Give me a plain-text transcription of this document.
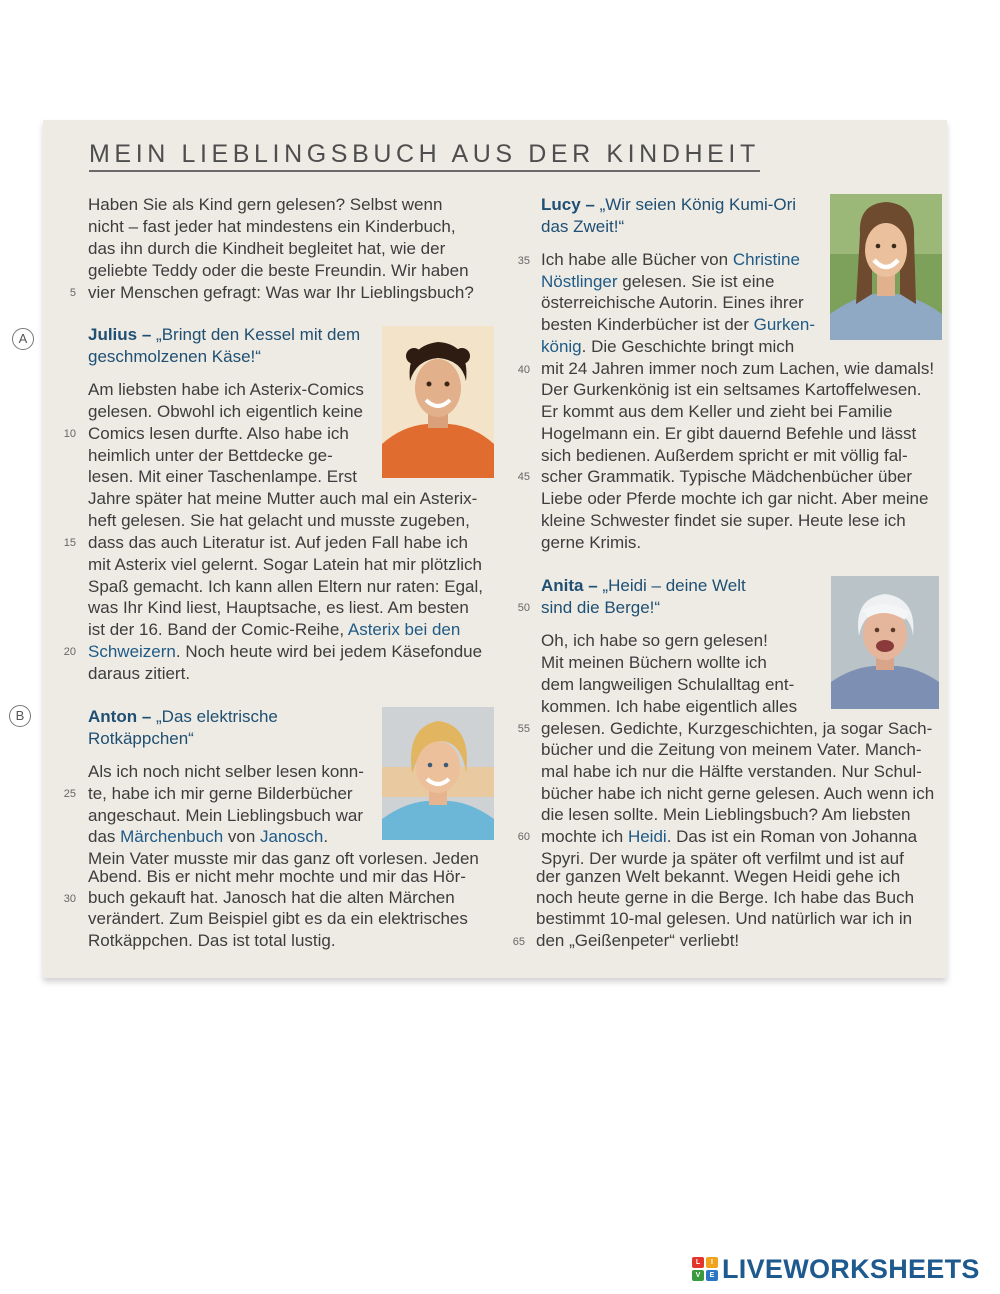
MEIN LIEBLINGSBUCH AUS DER KINDHEIT
A
B
5
10
15
20
25
30
35
40
45
50
55
60
65
Haben Sie als Kind gern gelesen? Selbst wenn
nicht – fast jeder hat mindestens ein Kinderbuch,
das ihn durch die Kindheit begleitet hat, wie der
geliebte Teddy oder die beste Freundin. Wir haben
vier Menschen gefragt: Was war Ihr Lieblingsbuch?
Julius – „Bringt den Kessel mit dem
geschmolzenen Käse!“
Am liebsten habe ich Asterix-Comics
gelesen. Obwohl ich eigentlich keine
Comics lesen durfte. Also habe ich
heimlich unter der Bettdecke ge-
lesen. Mit einer Taschenlampe. Erst
Jahre später hat meine Mutter auch mal ein Asterix-
heft gelesen. Sie hat gelacht und musste zugeben,
dass das auch Literatur ist. Auf jeden Fall habe ich
mit Asterix viel gelernt. Sogar Latein hat mir plötzlich
Spaß gemacht. Ich kann allen Eltern nur raten: Egal,
was Ihr Kind liest, Hauptsache, es liest. Am besten
ist der 16. Band der Comic-Reihe, Asterix bei den
Schweizern. Noch heute wird bei jedem Käsefondue
daraus zitiert.
Anton – „Das elektrische
Rotkäppchen“
Als ich noch nicht selber lesen konn-
te, habe ich mir gerne Bilderbücher
angeschaut. Mein Lieblingsbuch war
das Märchenbuch von Janosch.
Mein Vater musste mir das ganz oft vorlesen. Jeden
Abend. Bis er nicht mehr mochte und mir das Hör-
buch gekauft hat. Janosch hat die alten Märchen
verändert. Zum Beispiel gibt es da ein elektrisches
Rotkäppchen. Das ist total lustig.
Lucy – „Wir seien König Kumi-Ori
das Zweit!“
Ich habe alle Bücher von Christine
Nöstlinger gelesen. Sie ist eine
österreichische Autorin. Eines ihrer
besten Kinderbücher ist der Gurken-
könig. Die Geschichte bringt mich
mit 24 Jahren immer noch zum Lachen, wie damals!
Der Gurkenkönig ist ein seltsames Kartoffelwesen.
Er kommt aus dem Keller und zieht bei Familie
Hogelmann ein. Er gibt dauernd Befehle und lässt
sich bedienen. Außerdem spricht er mit völlig fal-
scher Grammatik. Typische Mädchenbücher über
Liebe oder Pferde mochte ich gar nicht. Aber meine
kleine Schwester findet sie super. Heute lese ich
gerne Krimis.
Anita – „Heidi – deine Welt
sind die Berge!“
Oh, ich habe so gern gelesen!
Mit meinen Büchern wollte ich
dem langweiligen Schulalltag ent-
kommen. Ich habe eigentlich alles
gelesen. Gedichte, Kurzgeschichten, ja sogar Sach-
bücher und die Zeitung von meinem Vater. Manch-
mal habe ich nur die Hälfte verstanden. Nur Schul-
bücher habe ich nicht gerne gelesen. Auch wenn ich
die lesen sollte. Mein Lieblingsbuch? Am liebsten
mochte ich Heidi. Das ist ein Roman von Johanna
Spyri. Der wurde ja später oft verfilmt und ist auf
der ganzen Welt bekannt. Wegen Heidi gehe ich
noch heute gerne in die Berge. Ich habe das Buch
bestimmt 10-mal gelesen. Und natürlich war ich in
den „Geißenpeter“ verliebt!
L	I
V	E LIVEWORKSHEETS
